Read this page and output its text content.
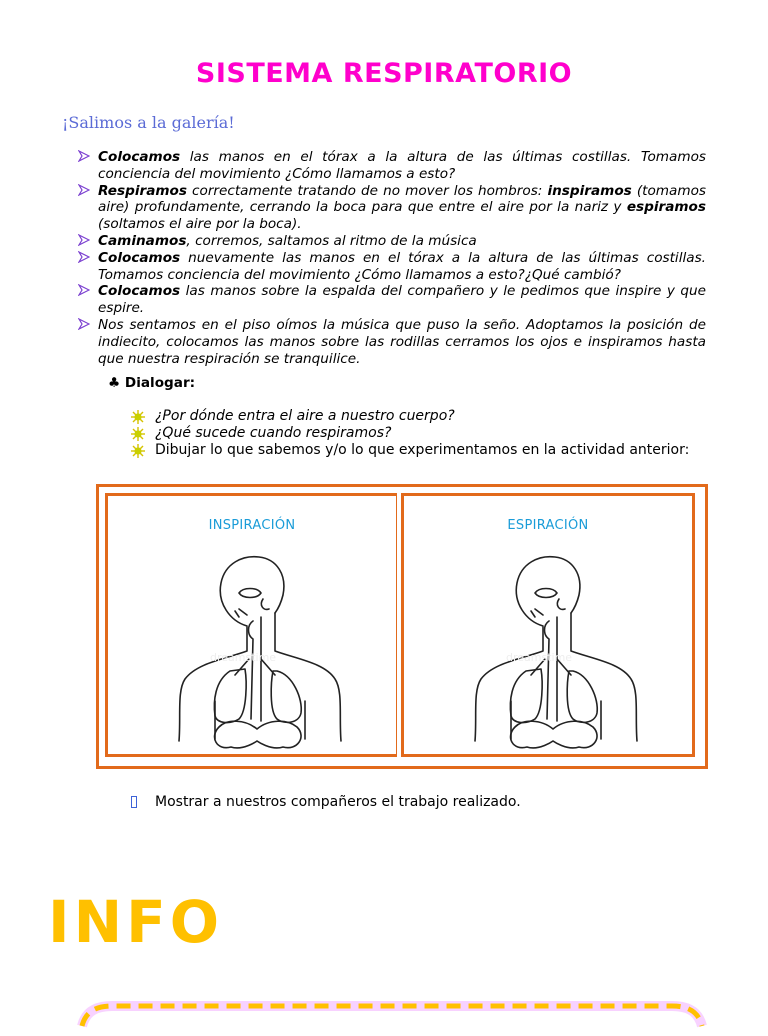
SISTEMA RESPIRATORIO
¡Salimos a la galería!
Colocamos las manos en el tórax a la altura de las últimas costillas. Tomamos conciencia del movimiento ¿Cómo llamamos a esto?
Respiramos correctamente tratando de no mover los hombros: inspiramos (tomamos aire) profundamente, cerrando la boca para que entre el aire por la nariz y espiramos (soltamos el aire por la boca).
Caminamos, corremos, saltamos al ritmo de la música
Colocamos nuevamente las manos en el tórax a la altura de las últimas costillas. Tomamos conciencia del movimiento ¿Cómo llamamos a esto?¿Qué cambió?
Colocamos las manos sobre la espalda del compañero y le pedimos que inspire y que espire.
Nos sentamos en el piso oímos la música que puso la seño. Adoptamos la posición de indiecito, colocamos las manos sobre las rodillas cerramos los ojos e inspiramos hasta que nuestra respiración se tranquilice.
♣ Dialogar:
¿Por dónde entra el aire a nuestro cuerpo?
¿Qué sucede cuando respiramos?
Dibujar lo que sabemos y/o lo que experimentamos en la actividad anterior:
INSPIRACIÓN
dreamstime
ESPIRACIÓN
dreamstime
Mostrar a nuestros compañeros el trabajo realizado.
INFO
